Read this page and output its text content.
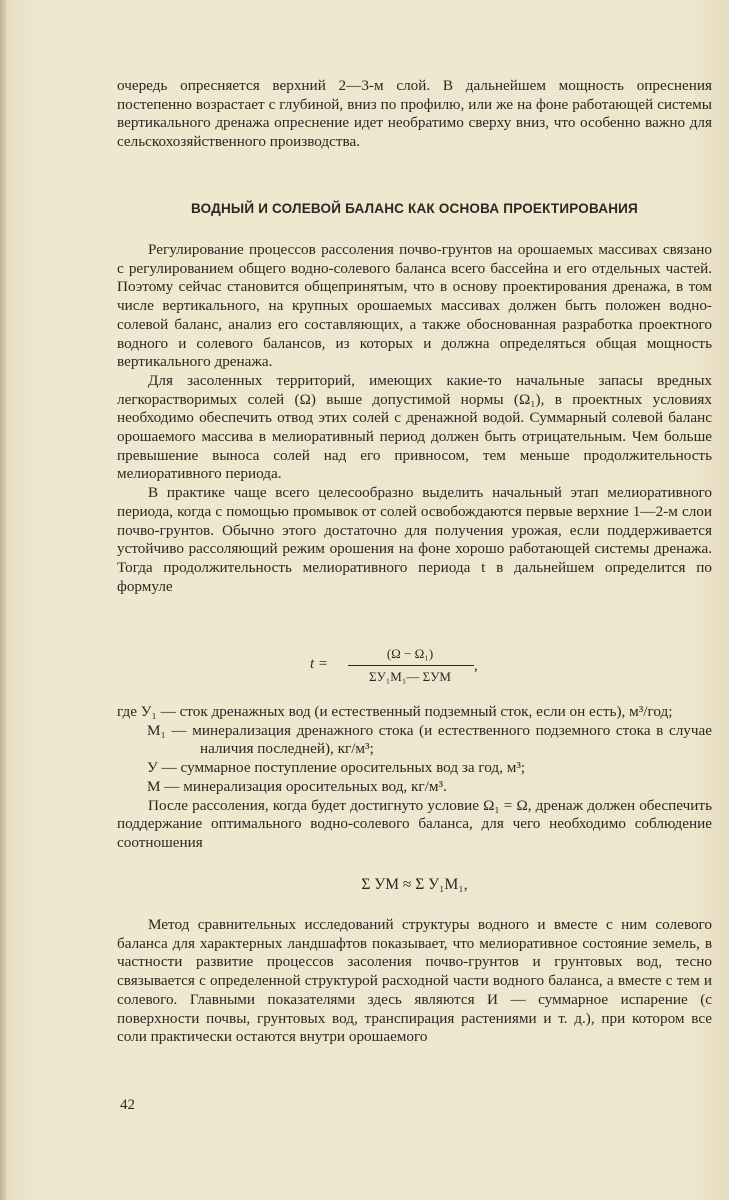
очередь опресняется верхний 2—3-м слой. В дальнейшем мощность опреснения постепенно возрастает с глубиной, вниз по профилю, или же на фоне работающей системы вертикального дренажа опреснение идет необратимо сверху вниз, что особенно важно для сельскохозяйственного производства.

ВОДНЫЙ И СОЛЕВОЙ БАЛАНС КАК ОСНОВА ПРОЕКТИРОВАНИЯ

Регулирование процессов рассоления почво-грунтов на орошаемых массивах связано с регулированием общего водно-солевого баланса всего бассейна и его отдельных частей. Поэтому сейчас становится общепринятым, что в основу проектирования дренажа, в том числе вертикального, на крупных орошаемых массивах должен быть положен водно-солевой баланс, анализ его составляющих, а также обоснованная разработка проектного водного и солевого балансов, из которых и должна определяться общая мощность вертикального дренажа.

Для засоленных территорий, имеющих какие-то начальные запасы вредных легкорастворимых солей (Ω) выше допустимой нормы (Ω₁), в проектных условиях необходимо обеспечить отвод этих солей с дренажной водой. Суммарный солевой баланс орошаемого массива в мелиоративный период должен быть отрицательным. Чем больше превышение выноса солей над его привносом, тем меньше продолжительность мелиоративного периода.

В практике чаще всего целесообразно выделить начальный этап мелиоративного периода, когда с помощью промывок от солей освобождаются первые верхние 1—2-м слои почво-грунтов. Обычно этого достаточно для получения урожая, если поддерживается устойчиво рассоляющий режим орошения на фоне хорошо работающей системы дренажа. Тогда продолжительность мелиоративного периода t в дальнейшем определится по формуле

t =
(Ω − Ω₁)
ΣУ₁М₁— ΣУМ
,

где У₁ — сток дренажных вод (и естественный подземный сток, если он есть), м³/год;

М₁ — минерализация дренажного стока (и естественного подземного стока в случае наличия последней), кг/м³;

У — суммарное поступление оросительных вод за год, м³;

М — минерализация оросительных вод, кг/м³.

После рассоления, когда будет достигнуто условие Ω₁ = Ω, дренаж должен обеспечить поддержание оптимального водно-солевого баланса, для чего необходимо соблюдение соотношения

Σ УМ ≈ Σ У₁М₁,

Метод сравнительных исследований структуры водного и вместе с ним солевого баланса для характерных ландшафтов показывает, что мелиоративное состояние земель, в частности развитие процессов засоления почво-грунтов и грунтовых вод, тесно связывается с определенной структурой расходной части водного баланса, а вместе с тем и солевого. Главными показателями здесь являются И — суммарное испарение (с поверхности почвы, грунтовых вод, транспирация растениями и т. д.), при котором все соли практически остаются внутри орошаемого

42
